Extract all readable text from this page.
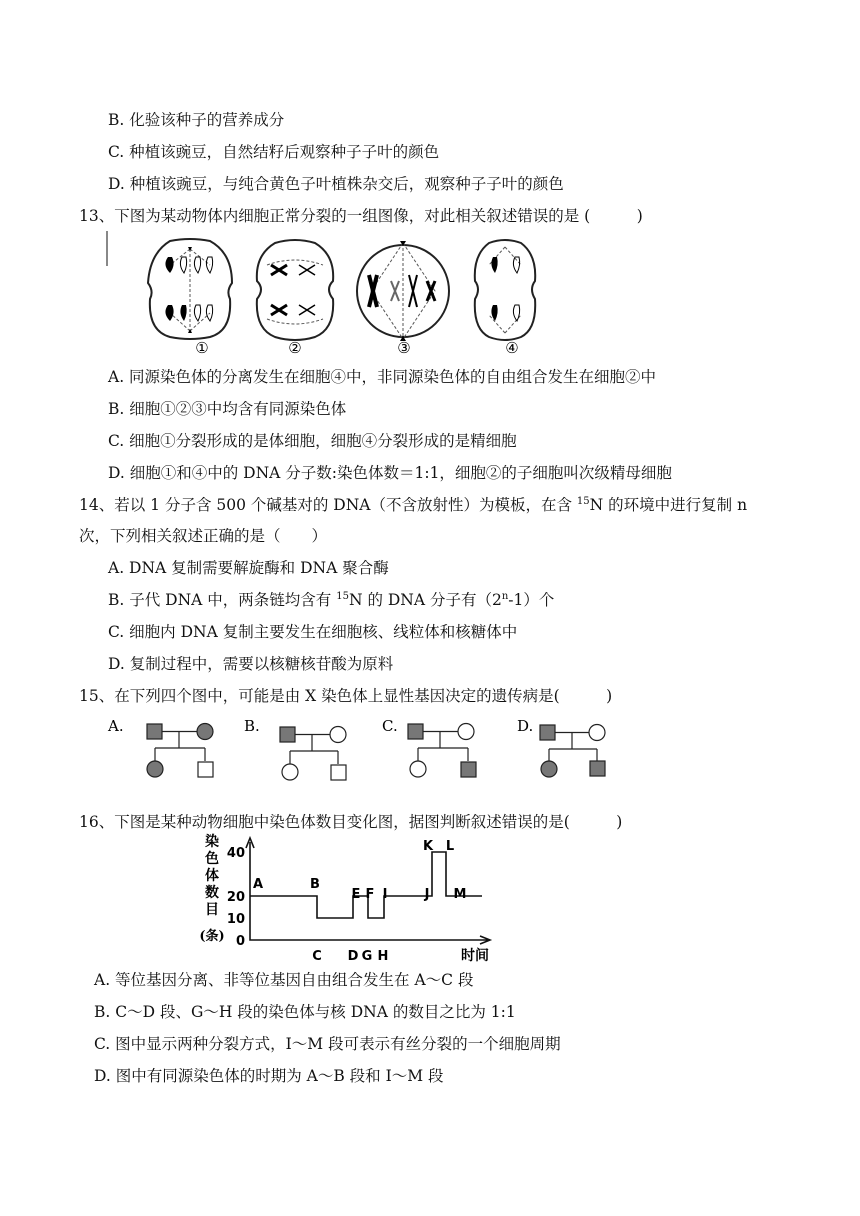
B. 化验该种子的营养成分
C. 种植该豌豆，自然结籽后观察种子子叶的颜色
D. 种植该豌豆，与纯合黄色子叶植株杂交后，观察种子子叶的颜色
13、下图为某动物体内细胞正常分裂的一组图像，对此相关叙述错误的是 (　　　)
①	②	③	④
A. 同源染色体的分离发生在细胞④中，非同源染色体的自由组合发生在细胞②中
B. 细胞①②③中均含有同源染色体
C. 细胞①分裂形成的是体细胞，细胞④分裂形成的是精细胞
D. 细胞①和④中的 DNA 分子数:染色体数＝1:1，细胞②的子细胞叫次级精母细胞
14、若以 1 分子含 500 个碱基对的 DNA（不含放射性）为模板，在含 $^{15}$N 的环境中进行复制 n
次，下列相关叙述正确的是（　　）
A. DNA 复制需要解旋酶和 DNA 聚合酶
B. 子代 DNA 中，两条链均含有 $^{15}$N 的 DNA 分子有（2$^n$-1）个
C. 细胞内 DNA 复制主要发生在细胞核、线粒体和核糖体中
D. 复制过程中，需要以核糖核苷酸为原料
15、在下列四个图中，可能是由 X 染色体上显性基因决定的遗传病是(　　　)
A.	B.	C.	D.
16、下图是某种动物细胞中染色体数目变化图，据图判断叙述错误的是(　　　)
40
20
10
0
染
色
体
数
目
(条)
时间
A	B
C D
E F
G H
I	J
K L
M
A. 等位基因分离、非等位基因自由组合发生在 A～C 段
B. C～D 段、G～H 段的染色体与核 DNA 的数目之比为 1:1
C. 图中显示两种分裂方式，I～M 段可表示有丝分裂的一个细胞周期
D. 图中有同源染色体的时期为 A～B 段和 I～M 段
